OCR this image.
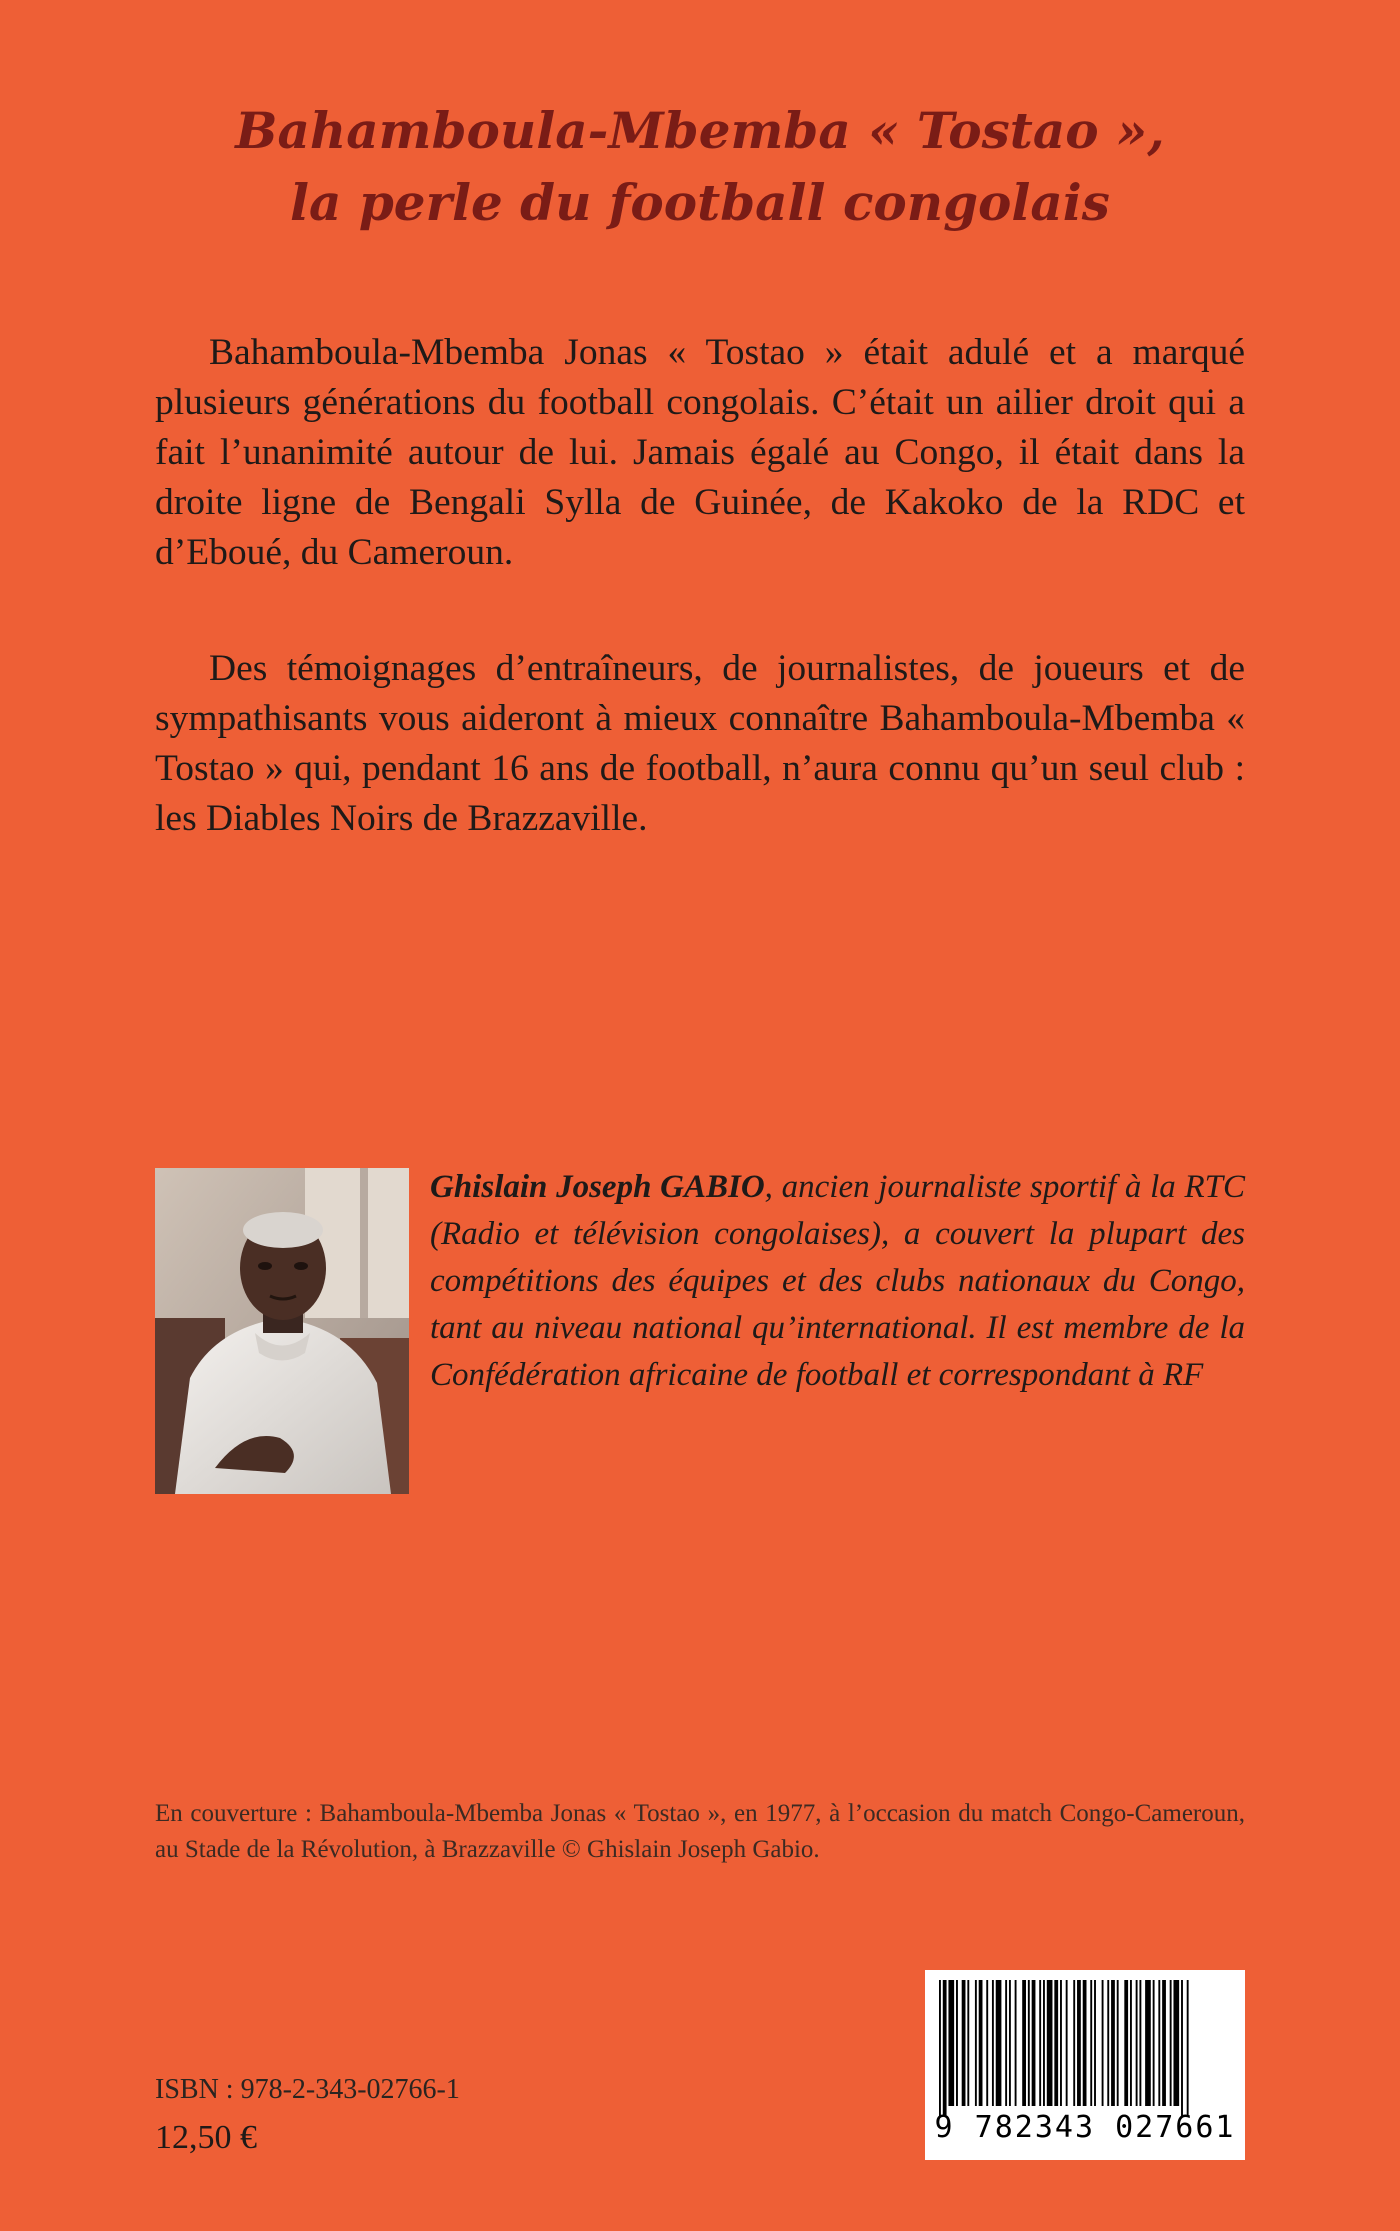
Bahamboula-Mbemba « Tostao »,
la perle du football congolais

Bahamboula-Mbemba Jonas « Tostao » était adulé et a marqué plusieurs générations du football congolais. C’était un ailier droit qui a fait l’unanimité autour de lui. Jamais égalé au Congo, il était dans la droite ligne de Bengali Sylla de Guinée, de Kakoko de la RDC et d’Eboué, du Cameroun.

Des témoignages d’entraîneurs, de journalistes, de joueurs et de sympathisants vous aideront à mieux connaître Bahamboula-Mbemba « Tostao » qui, pendant 16 ans de football, n’aura connu qu’un seul club : les Diables Noirs de Brazzaville.

Ghislain Joseph GABIO, ancien journaliste sportif à la RTC (Radio et télévision congolaises), a couvert la plupart des compétitions des équipes et des clubs nationaux du Congo, tant au niveau national qu’international. Il est membre de la Confédération africaine de football et correspondant à RF

En couverture : Bahamboula-Mbemba Jonas « Tostao », en 1977, à l’occasion du match Congo-Cameroun, au Stade de la Révolution, à Brazzaville © Ghislain Joseph Gabio.

ISBN : 978-2-343-02766-1
12,50 €	9 782343 027661
